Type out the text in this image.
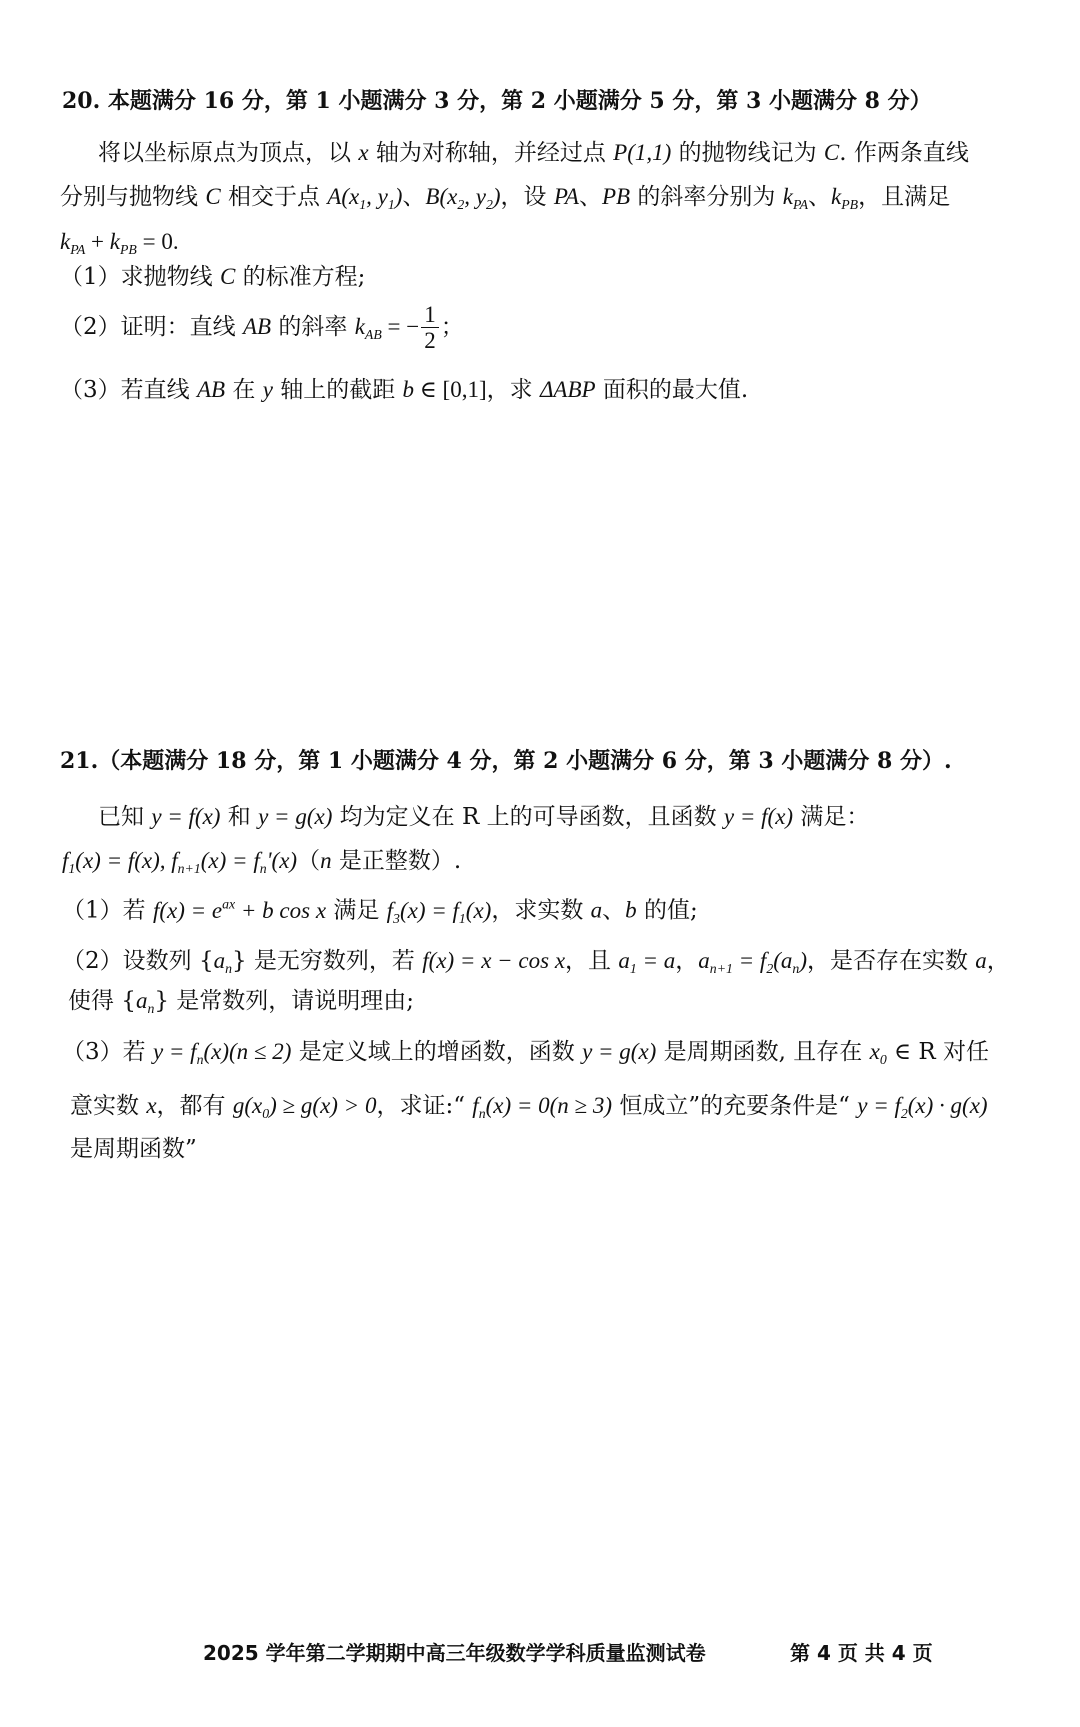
20. 本题满分 16 分，第 1 小题满分 3 分，第 2 小题满分 5 分，第 3 小题满分 8 分）
将以坐标原点为顶点，以 x 轴为对称轴，并经过点 P(1,1) 的抛物线记为 C. 作两条直线
分别与抛物线 C 相交于点 $A(x_1$, $y_1$)、$B(x_2$, $y_2$)，设 PA、PB 的斜率分别为 $k_{PA}$、$k_{PB}$，且满足
$k_{PA} + k_{PB} = 0$.
（1）求抛物线 C 的标准方程;
（2）证明：直线 AB 的斜率 $k_{AB}$ = − $\frac{1}{2}$ ；
（3）若直线 AB 在 y 轴上的截距 b ∈ [0,1]，求 ΔABP 面积的最大值.
21.（本题满分 18 分，第 1 小题满分 4 分，第 2 小题满分 6 分，第 3 小题满分 8 分）.
已知 y = f(x) 和 y = g(x) 均为定义在 R 上的可导函数，且函数 y = f(x) 满足：
$f_1(x) = f(x)$, $f_{n+1}(x) = f_n'(x)(n$ 是正整数）.
（1）若 $f(x) = e^{ax} + b$ cos x 满足 $f_3(x) = f_1(x)$，求实数 a、b 的值;
（2）设数列 $\{a_n\}$ 是无穷数列，若 f(x) = x − cos x，且 $a_1 = a$，$a_{n+1} = f_2(a_n)$，是否存在实数 a，
使得 $\{a_n\}$ 是常数列，请说明理由;
（3）若 $y = f_n(x)(n \le 2)$ 是定义域上的增函数，函数 y = g(x) 是周期函数, 且存在 $x_0$ ∈ R 对任
意实数 x，都有 $g(x_0) \ge g(x) > 0$，求证:“ $f_n(x) = 0(n \ge 3)$ 恒成立”的充要条件是“ $y = f_2(x) \cdot g(x)$
是周期函数”
2025 学年第二学期期中高三年级数学学科质量监测试卷	第 4 页 共 4 页
